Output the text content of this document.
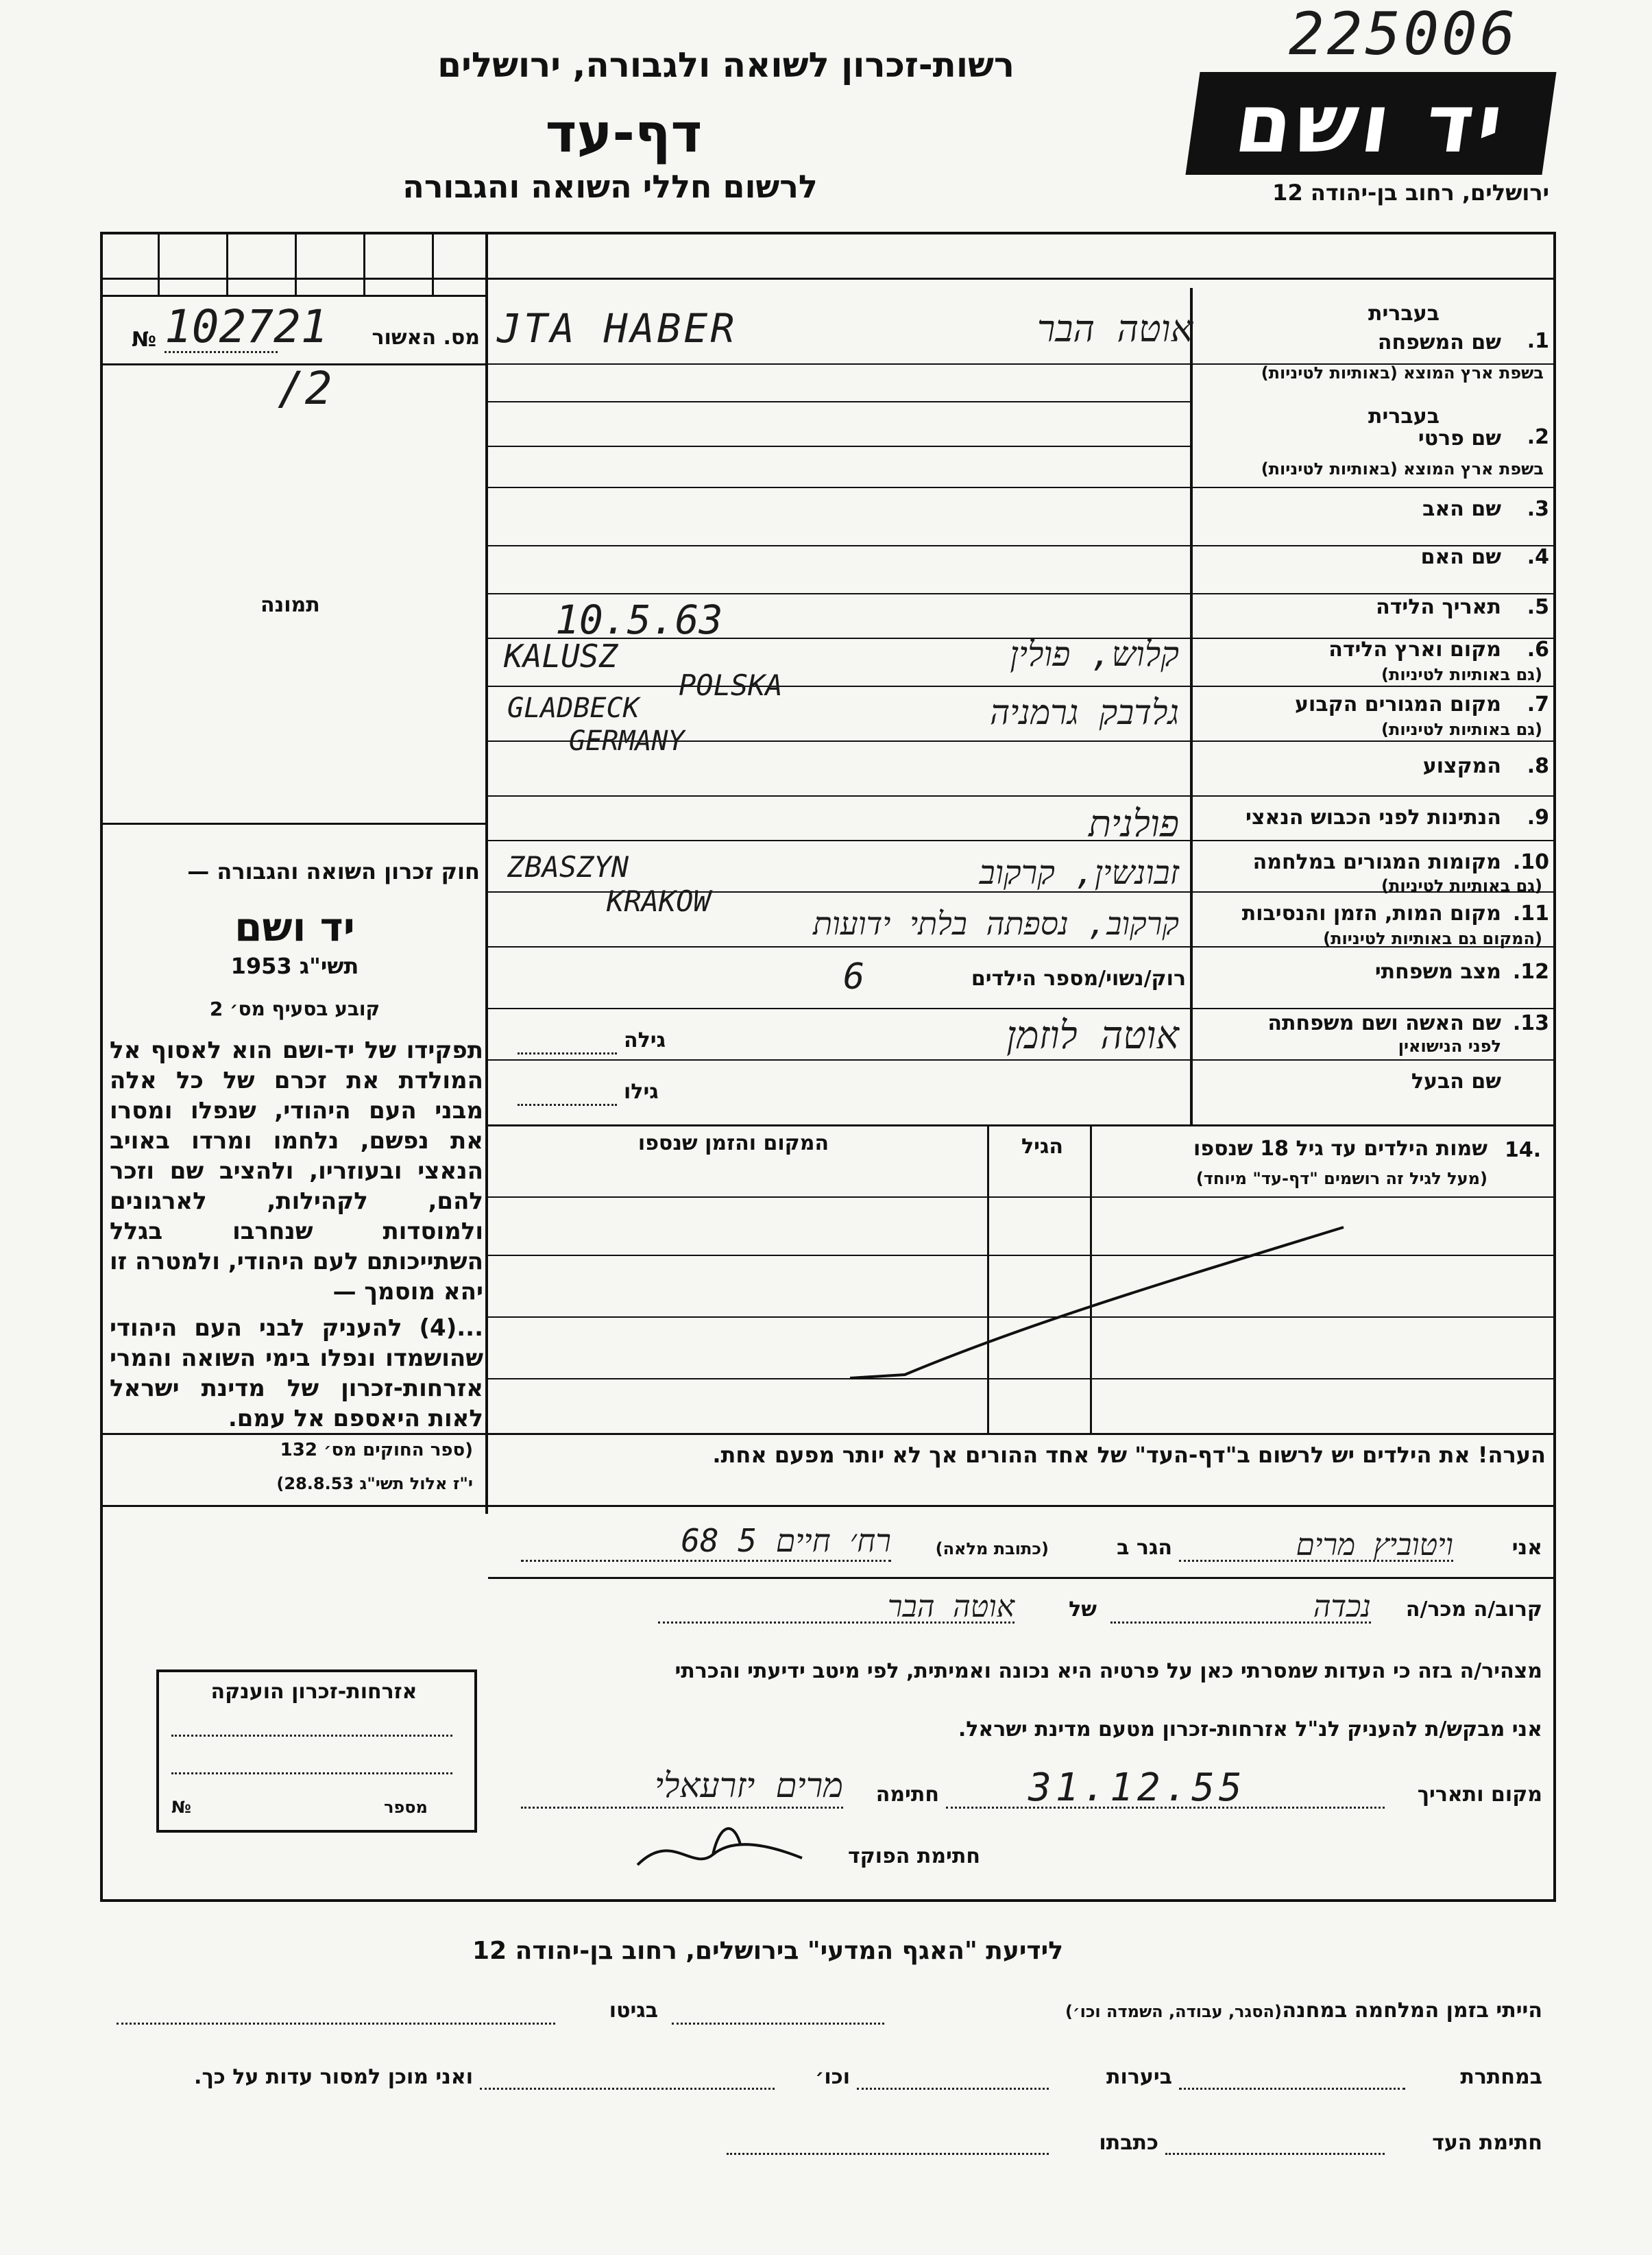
225006
רשות-זכרון לשואה ולגבורה, ירושלים
דף-עד
לרשום חללי השואה והגבורה
יד ושם
ירושלים, רחוב בן-יהודה 12
מס. האשור
№ 102721
/2
תמונה
1.
בעברית
שם המשפחה
בשפת ארץ המוצא (באותיות לטיניות)
JTA HABER	אוטה הבר
2.
בעברית
שם פרטי
בשפת ארץ המוצא (באותיות לטיניות)
3.
שם האב
4.
שם האם
5.
תאריך הלידה
10.5.63
6.
מקום וארץ הלידה
(גם באותיות לטיניות)
KALUSZ
POLSKA
קלוש, פולין
7.
מקום המגורים הקבוע
(גם באותיות לטיניות)
GLADBECK
GERMANY
גלדבק גרמניה
8.
המקצוע
9.
הנתינות לפני הכבוש הנאצי
פולנית
10.
מקומות המגורים במלחמה
(גם באותיות לטיניות)
ZBASZYN
KRAKOW
זבונשין, קרקוב
11.
מקום המות, הזמן והנסיבות
(המקום גם באותיות לטיניות)
קרקוב, נספתה בלתי ידועות
12.
מצב משפחתי
רוק/נשוי/מספר הילדים
6
13.
שם האשה ושם משפחתה
לפני הנישואין
אוטה לוזמן
גילה
שם הבעל
גילו
14.
שמות הילדים עד גיל 18 שנספו
(מעל לגיל זה רושמים "דף-עד" מיוחד)
הגיל
המקום והזמן שנספו
חוק זכרון השואה והגבורה —
יד ושם
תשי"ג 1953
קובע בסעיף מס׳ 2
תפקידו של יד-ושם הוא לאסוף אל המולדת את זכרם של כל אלה מבני העם היהודי, שנפלו ומסרו את נפשם, נלחמו ומרדו באויב הנאצי ובעוזריו, ולהציב שם וזכר להם, לקהילות, לארגונים ולמוסדות שנחרבו בגלל השתייכותם לעם היהודי, ולמטרה זו יהא מוסמך —
...(4) להעניק לבני העם היהודי שהושמדו ונפלו בימי השואה והמרי אזרחות-זכרון של מדינת ישראל לאות היאספם אל עמם.
(ספר החוקים מס׳ 132
י"ז אלול תשי"ג 28.8.53)
הערה! את הילדים יש לרשום ב"דף-העד" של אחד ההורים אך לא יותר מפעם אחת.
אני
ויטוביץ מרים
הגר ב
(כתובת מלאה)
רח׳ חיים 5 68
קרוב/ה מכר/ה
נכדה
של
אוטה הבר
מצהיר/ה בזה כי העדות שמסרתי כאן על פרטיה היא נכונה ואמיתית, לפי מיטב ידיעתי והכרתי
אני מבקש/ת להעניק לנ"ל אזרחות-זכרון מטעם מדינת ישראל.
מקום ותאריך
31.12.55
חתימה
מרים יזרעאלי
חתימת הפוקד
אזרחות-זכרון הוענקה
מספר
№
לידיעת "האגף המדעי" בירושלים, רחוב בן-יהודה 12
הייתי בזמן המלחמה במחנה
(הסגר, עבודה, השמדה וכו׳)
בגיטו
במחתרת
ביערות
וכו׳
ואני מוכן למסור עדות על כך.
חתימת העד
כתבתו
